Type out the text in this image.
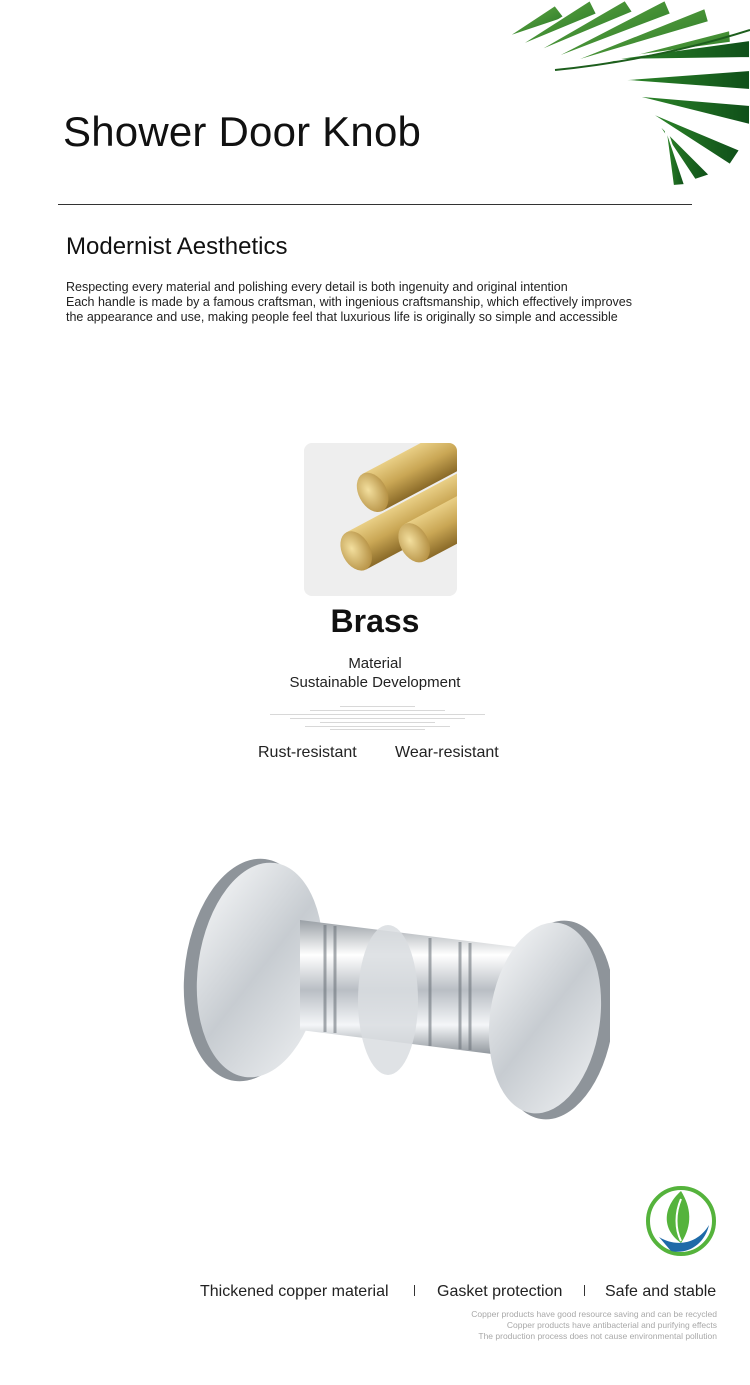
Shower Door Knob
Modernist Aesthetics
Respecting every material and polishing every detail is both ingenuity and original intention
Each handle is made by a famous craftsman, with ingenious craftsmanship, which effectively improves
the appearance and use, making people feel that luxurious life is originally so simple and accessible
Brass
Material
Sustainable Development
Rust-resistant Wear-resistant
Thickened copper material	Gasket protection	Safe and stable
Copper products have good resource saving and can be recycled
Copper products have antibacterial and purifying effects
The production process does not cause environmental pollution
